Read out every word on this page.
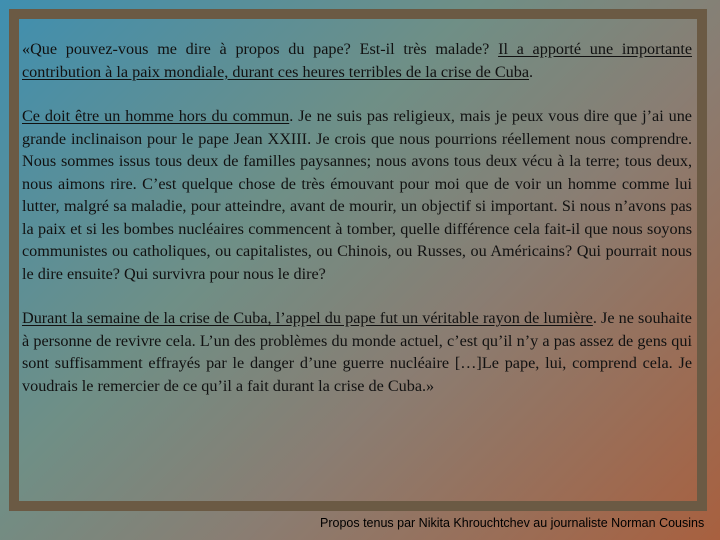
«Que pouvez-vous me dire à propos du pape? Est-il très malade? Il a apporté une importante contribution à la paix mondiale, durant ces heures terribles de la crise de Cuba.

Ce doit être un homme hors du commun. Je ne suis pas religieux, mais je peux vous dire que j’ai une grande inclinaison pour le pape Jean XXIII. Je crois que nous pourrions réellement nous comprendre. Nous sommes issus tous deux de familles paysannes; nous avons tous deux vécu à la terre; tous deux, nous aimons rire. C’est quelque chose de très émouvant pour moi que de voir un homme comme lui lutter, malgré sa maladie, pour atteindre, avant de mourir, un objectif si important. Si nous n’avons pas la paix et si les bombes nucléaires commencent à tomber, quelle différence cela fait-il que nous soyons communistes ou catholiques, ou capitalistes, ou Chinois, ou Russes, ou Américains? Qui pourrait nous le dire ensuite? Qui survivra pour nous le dire?

Durant la semaine de la crise de Cuba, l’appel du pape fut un véritable rayon de lumière. Je ne souhaite à personne de revivre cela. L’un des problèmes du monde actuel, c’est qu’il n’y a pas assez de gens qui sont suffisamment effrayés par le danger d’une guerre nucléaire […]Le pape, lui, comprend cela. Je voudrais le remercier de ce qu’il a fait durant la crise de Cuba.»

Propos tenus par Nikita Khrouchtchev au journaliste Norman Cousins
